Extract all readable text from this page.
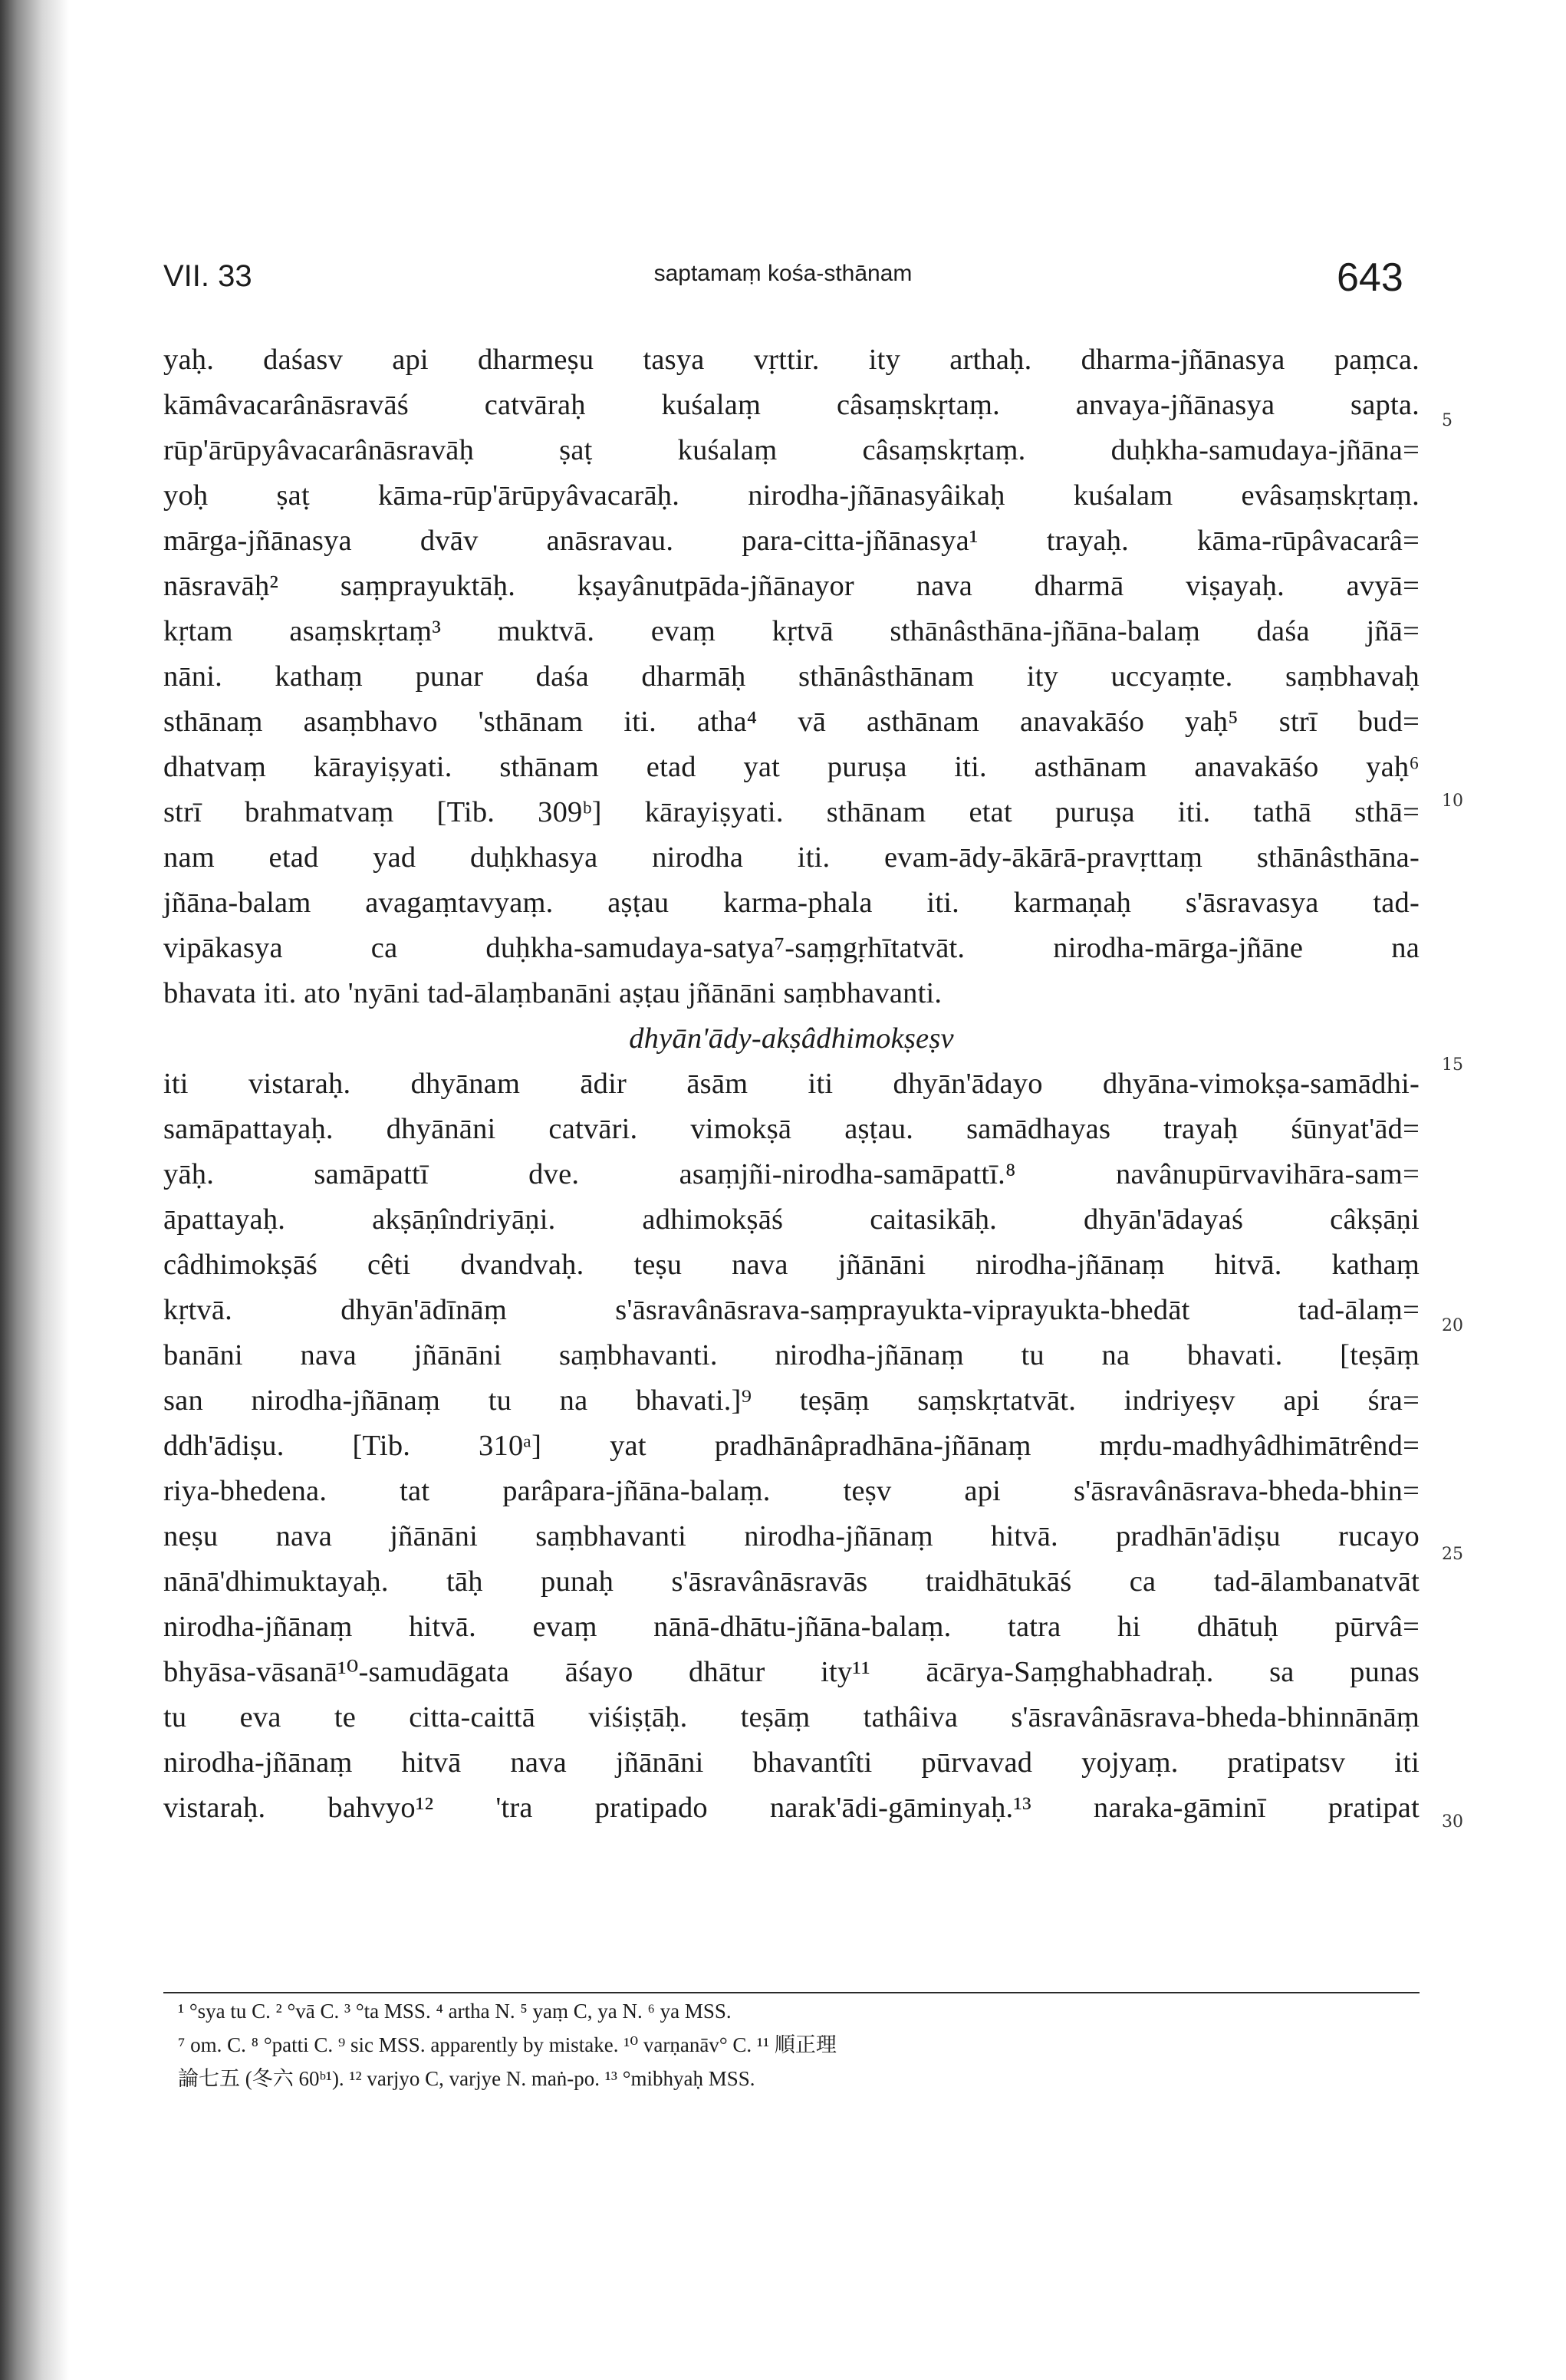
VII. 33	saptamaṃ kośa-sthānam	643
yaḥ. daśasv api dharmeṣu tasya vṛttir. ity arthaḥ. dharma-jñānasya paṃca.
kāmâvacarânāsravāś catvāraḥ kuśalaṃ câsaṃskṛtaṃ. anvaya-jñānasya sapta.
rūp'ārūpyâvacarânāsravāḥ ṣaṭ kuśalaṃ câsaṃskṛtaṃ. duḥkha-samudaya-jñāna=
yoḥ ṣaṭ kāma-rūp'ārūpyâvacarāḥ. nirodha-jñānasyâikaḥ kuśalam evâsaṃskṛtaṃ.
mārga-jñānasya dvāv anāsravau. para-citta-jñānasya¹ trayaḥ. kāma-rūpâvacarâ=
nāsravāḥ² saṃprayuktāḥ. kṣayânutpāda-jñānayor nava dharmā viṣayaḥ. avyā=
kṛtam asaṃskṛtaṃ³ muktvā. evaṃ kṛtvā sthānâsthāna-jñāna-balaṃ daśa jñā=
nāni. kathaṃ punar daśa dharmāḥ sthānâsthānam ity uccyaṃte. saṃbhavaḥ
sthānaṃ asaṃbhavo 'sthānam iti. atha⁴ vā asthānam anavakāśo yaḥ⁵ strī bud=
dhatvaṃ kārayiṣyati. sthānam etad yat puruṣa iti. asthānam anavakāśo yaḥ⁶
strī brahmatvaṃ [Tib. 309ᵇ] kārayiṣyati. sthānam etat puruṣa iti. tathā sthā=
nam etad yad duḥkhasya nirodha iti. evam-ādy-ākārā-pravṛttaṃ sthānâsthāna-
jñāna-balam avagaṃtavyaṃ. aṣṭau karma-phala iti. karmaṇaḥ s'āsravasya tad-
vipākasya ca duḥkha-samudaya-satya⁷-saṃgṛhītatvāt. nirodha-mārga-jñāne na
bhavata iti. ato 'nyāni tad-ālaṃbanāni aṣṭau jñānāni saṃbhavanti.
dhyān'ādy-akṣâdhimokṣeṣv
iti vistaraḥ. dhyānam ādir āsām iti dhyān'ādayo dhyāna-vimokṣa-samādhi-
samāpattayaḥ. dhyānāni catvāri. vimokṣā aṣṭau. samādhayas trayaḥ śūnyat'ād=
yāḥ. samāpattī dve. asaṃjñi-nirodha-samāpattī.⁸ navânupūrvavihāra-sam=
āpattayaḥ. akṣāṇîndriyāṇi. adhimokṣāś caitasikāḥ. dhyān'ādayaś câkṣāṇi
câdhimokṣāś cêti dvandvaḥ. teṣu nava jñānāni nirodha-jñānaṃ hitvā. kathaṃ
kṛtvā. dhyān'ādīnāṃ s'āsravânāsrava-saṃprayukta-viprayukta-bhedāt tad-ālaṃ=
banāni nava jñānāni saṃbhavanti. nirodha-jñānaṃ tu na bhavati. [teṣāṃ
san nirodha-jñānaṃ tu na bhavati.]⁹ teṣāṃ saṃskṛtatvāt. indriyeṣv api śra=
ddh'ādiṣu. [Tib. 310ᵃ] yat pradhānâpradhāna-jñānaṃ mṛdu-madhyâdhimātrênd=
riya-bhedena. tat parâpara-jñāna-balaṃ. teṣv api s'āsravânāsrava-bheda-bhin=
neṣu nava jñānāni saṃbhavanti nirodha-jñānaṃ hitvā. pradhān'ādiṣu rucayo
nānā'dhimuktayaḥ. tāḥ punaḥ s'āsravânāsravās traidhātukāś ca tad-ālambanatvāt
nirodha-jñānaṃ hitvā. evaṃ nānā-dhātu-jñāna-balaṃ. tatra hi dhātuḥ pūrvâ=
bhyāsa-vāsanā¹⁰-samudāgata āśayo dhātur ity¹¹ ācārya-Saṃghabhadraḥ. sa punas
tu eva te citta-caittā viśiṣṭāḥ. teṣāṃ tathâiva s'āsravânāsrava-bheda-bhinnānāṃ
nirodha-jñānaṃ hitvā nava jñānāni bhavantîti pūrvavad yojyaṃ. pratipatsv iti
vistaraḥ. bahvyo¹² 'tra pratipado narak'ādi-gāminyaḥ.¹³ naraka-gāminī pratipat
5
10
15
20
25
30
¹ °sya tu C. ² °vā C. ³ °ta MSS. ⁴ artha N. ⁵ yaṃ C, ya N. ⁶ ya MSS.
⁷ om. C. ⁸ °patti C. ⁹ sic MSS. apparently by mistake. ¹⁰ varṇanāv° C. ¹¹ 順正理
論七五 (冬六 60ᵇ¹). ¹² varjyo C, varjye N. maṅ-po. ¹³ °mibhyaḥ MSS.
